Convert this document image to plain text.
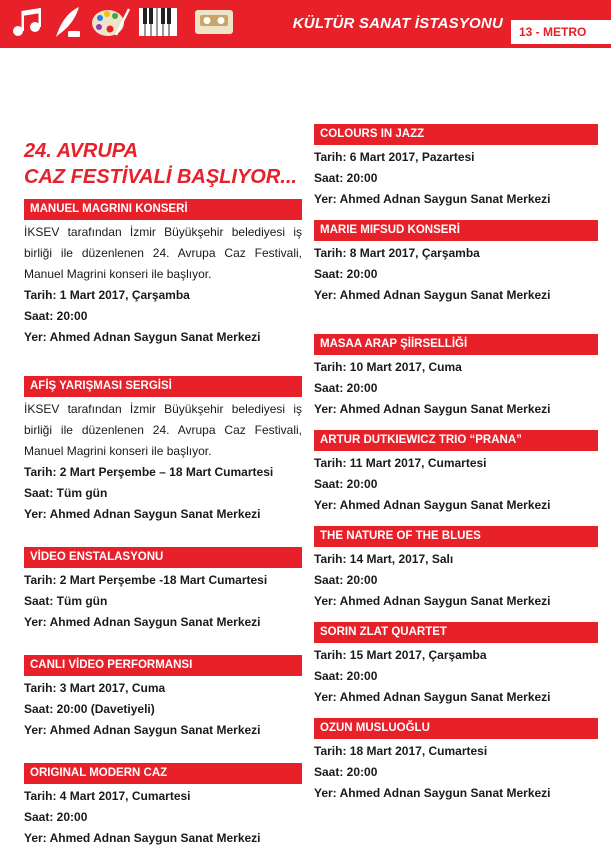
KÜLTÜR SANAT İSTASYONU	13 - METRO
24. AVRUPA
CAZ FESTİVALİ BAŞLIYOR...
MANUEL MAGRINI KONSERİ

İKSEV tarafından İzmir Büyükşehir belediyesi iş birliği ile düzenlenen 24. Avrupa Caz Festivali, Manuel Magrini konseri ile başlıyor.

Tarih: 1 Mart 2017, Çarşamba

Saat: 20:00

Yer: Ahmed Adnan Saygun Sanat Merkezi

AFİŞ YARIŞMASI SERGİSİ

İKSEV tarafından İzmir Büyükşehir belediyesi iş birliği ile düzenlenen 24. Avrupa Caz Festivali, Manuel Magrini konseri ile başlıyor.

Tarih: 2 Mart Perşembe – 18 Mart Cumartesi

Saat: Tüm gün

Yer: Ahmed Adnan Saygun Sanat Merkezi

VİDEO ENSTALASYONU

Tarih: 2 Mart Perşembe -18 Mart Cumartesi

Saat: Tüm gün

Yer: Ahmed Adnan Saygun Sanat Merkezi

CANLI VİDEO PERFORMANSI

Tarih: 3 Mart 2017, Cuma

Saat: 20:00 (Davetiyeli)

Yer: Ahmed Adnan Saygun Sanat Merkezi

ORIGINAL MODERN CAZ

Tarih: 4 Mart 2017, Cumartesi

Saat: 20:00

Yer: Ahmed Adnan Saygun Sanat Merkezi

COLOURS IN JAZZ

Tarih: 6 Mart 2017, Pazartesi

Saat: 20:00

Yer: Ahmed Adnan Saygun Sanat Merkezi

MARIE MIFSUD KONSERİ

Tarih: 8 Mart 2017, Çarşamba

Saat: 20:00

Yer: Ahmed Adnan Saygun Sanat Merkezi

MASAA ARAP ŞİİRSELLİĞİ

Tarih: 10 Mart 2017, Cuma

Saat: 20:00

Yer: Ahmed Adnan Saygun Sanat Merkezi

ARTUR DUTKIEWICZ TRIO “PRANA”

Tarih: 11 Mart 2017, Cumartesi

Saat: 20:00

Yer: Ahmed Adnan Saygun Sanat Merkezi

THE NATURE OF THE BLUES

Tarih: 14 Mart, 2017, Salı

Saat: 20:00

Yer: Ahmed Adnan Saygun Sanat Merkezi

SORIN ZLAT QUARTET

Tarih: 15 Mart 2017, Çarşamba

Saat: 20:00

Yer: Ahmed Adnan Saygun Sanat Merkezi

OZUN MUSLUOĞLU

Tarih: 18 Mart 2017, Cumartesi

Saat: 20:00

Yer: Ahmed Adnan Saygun Sanat Merkezi
